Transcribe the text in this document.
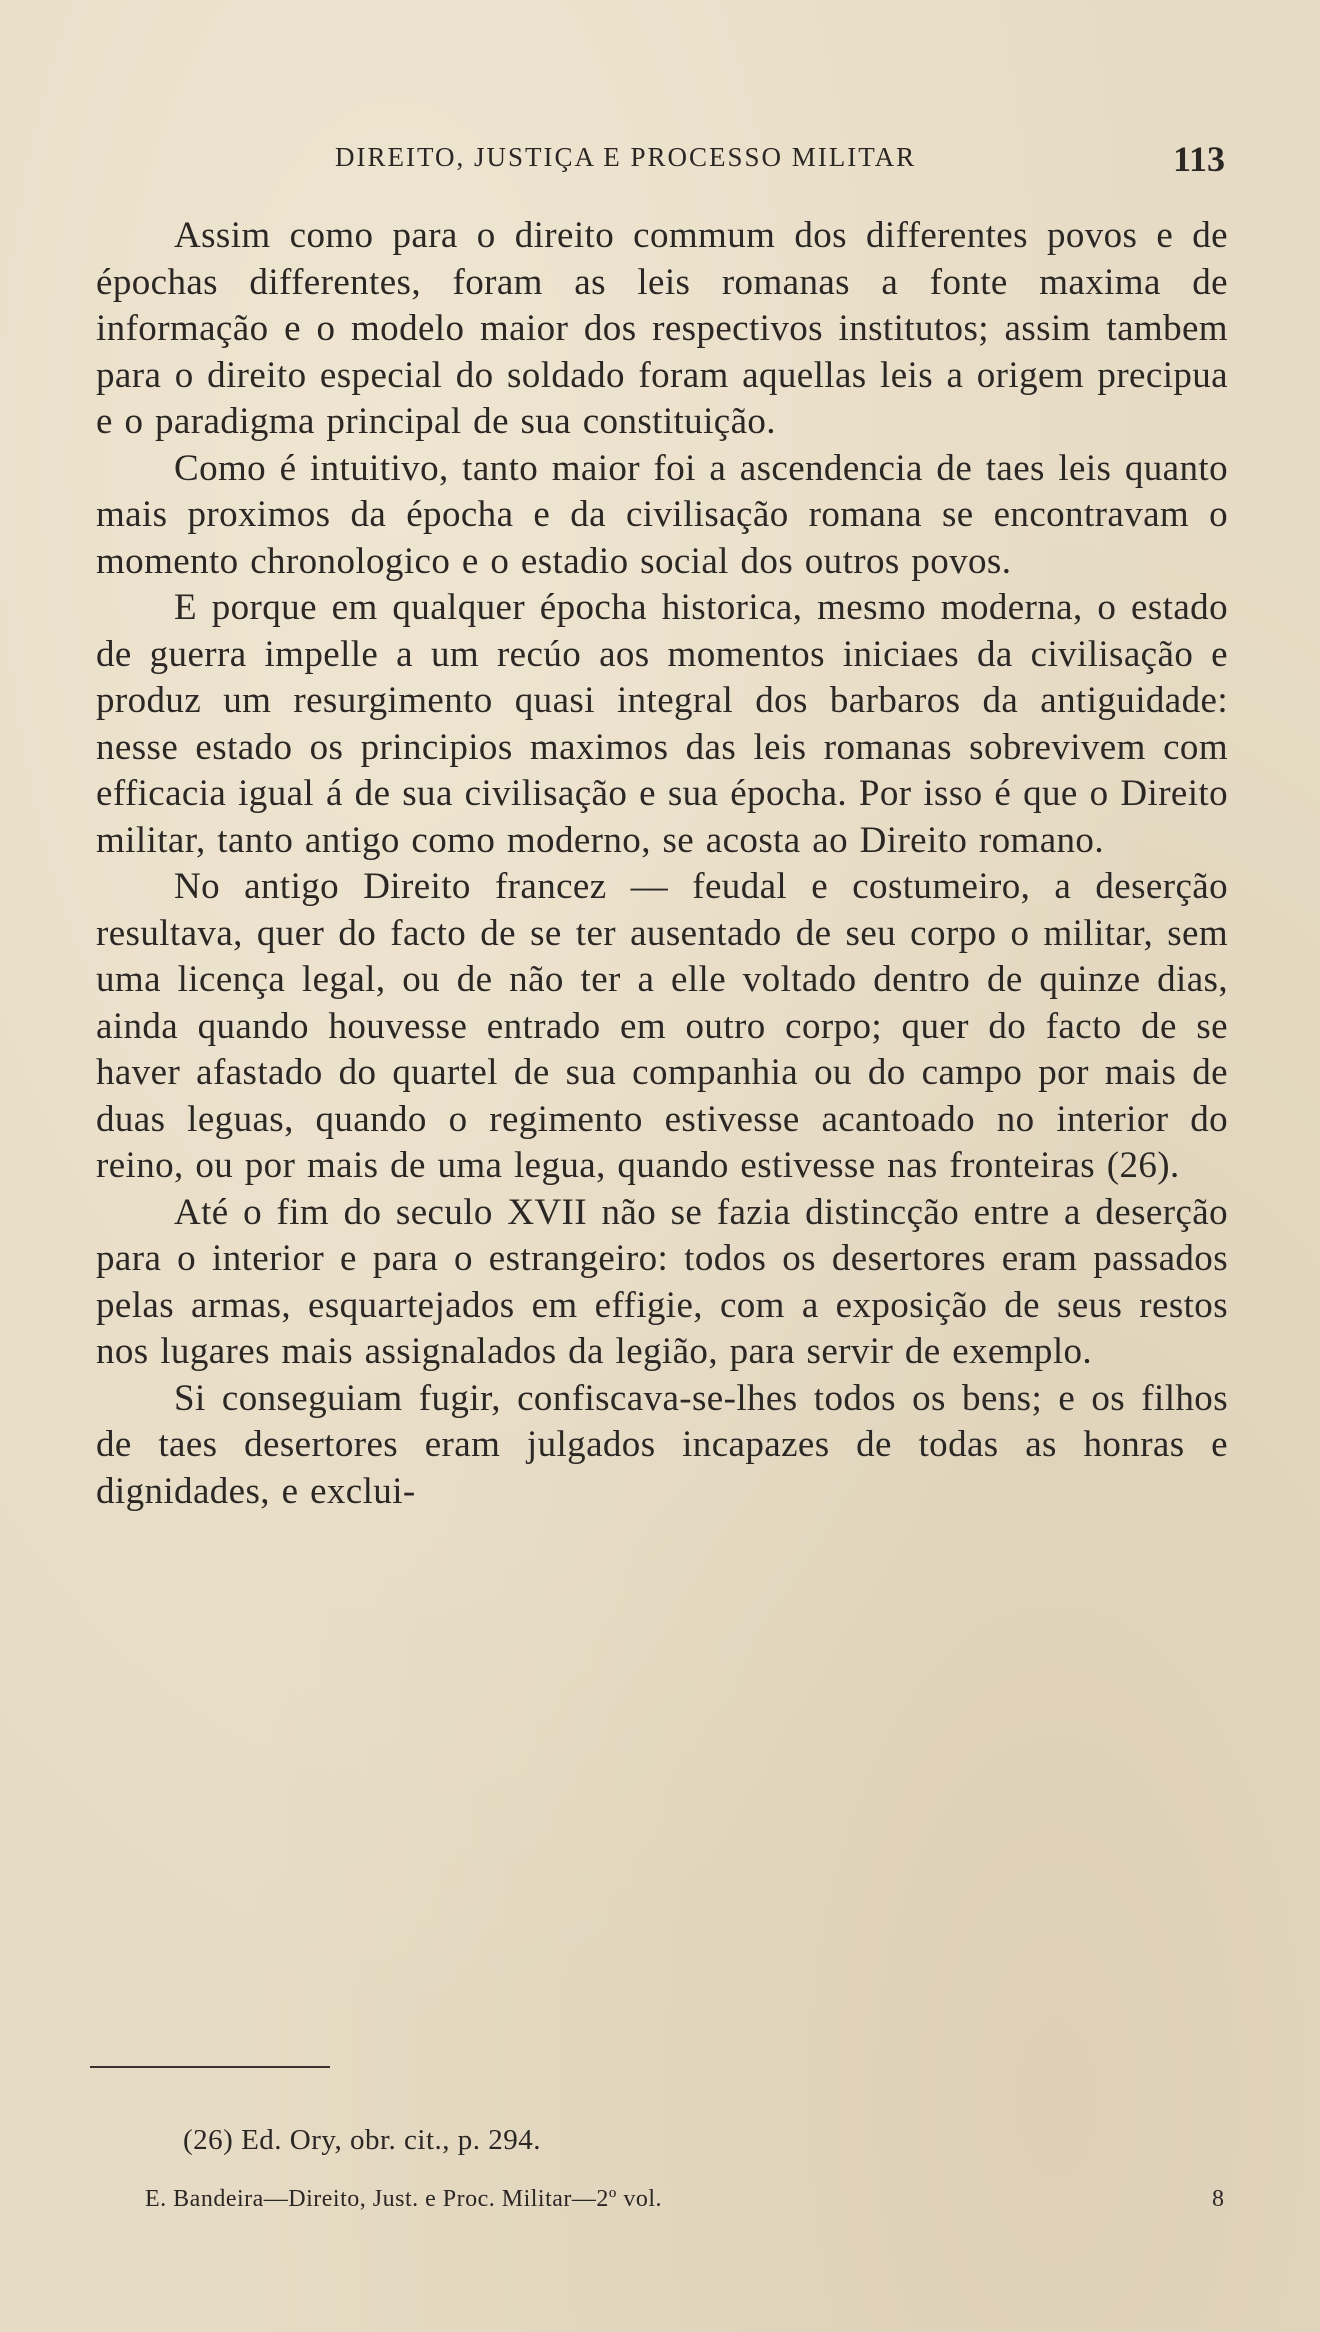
DIREITO, JUSTIÇA E PROCESSO MILITAR	113

Assim como para o direito commum dos differentes povos e de épochas differentes, foram as leis romanas a fonte maxima de informação e o modelo maior dos respectivos institutos; assim tambem para o direito especial do soldado foram aquellas leis a origem precipua e o paradigma principal de sua constituição.

Como é intuitivo, tanto maior foi a ascendencia de taes leis quanto mais proximos da épocha e da civilisação romana se encontravam o momento chronologico e o estadio social dos outros povos.

E porque em qualquer épocha historica, mesmo moderna, o estado de guerra impelle a um recúo aos momentos iniciaes da civilisação e produz um resurgimento quasi integral dos barbaros da antiguidade: nesse estado os principios maximos das leis romanas sobrevivem com efficacia igual á de sua civilisação e sua épocha. Por isso é que o Direito militar, tanto antigo como moderno, se acosta ao Direito romano.

No antigo Direito francez — feudal e costumeiro, a deserção resultava, quer do facto de se ter ausentado de seu corpo o militar, sem uma licença legal, ou de não ter a elle voltado dentro de quinze dias, ainda quando houvesse entrado em outro corpo; quer do facto de se haver afastado do quartel de sua companhia ou do campo por mais de duas leguas, quando o regimento estivesse acantoado no interior do reino, ou por mais de uma legua, quando estivesse nas fronteiras (26).

Até o fim do seculo XVII não se fazia distincção entre a deserção para o interior e para o estrangeiro: todos os desertores eram passados pelas armas, esquartejados em effigie, com a exposição de seus restos nos lugares mais assignalados da legião, para servir de exemplo.

Si conseguiam fugir, confiscava-se-lhes todos os bens; e os filhos de taes desertores eram julgados incapazes de todas as honras e dignidades, e exclui-

(26) Ed. Ory, obr. cit., p. 294.
E. Bandeira—Direito, Just. e Proc. Militar—2º vol.	8
